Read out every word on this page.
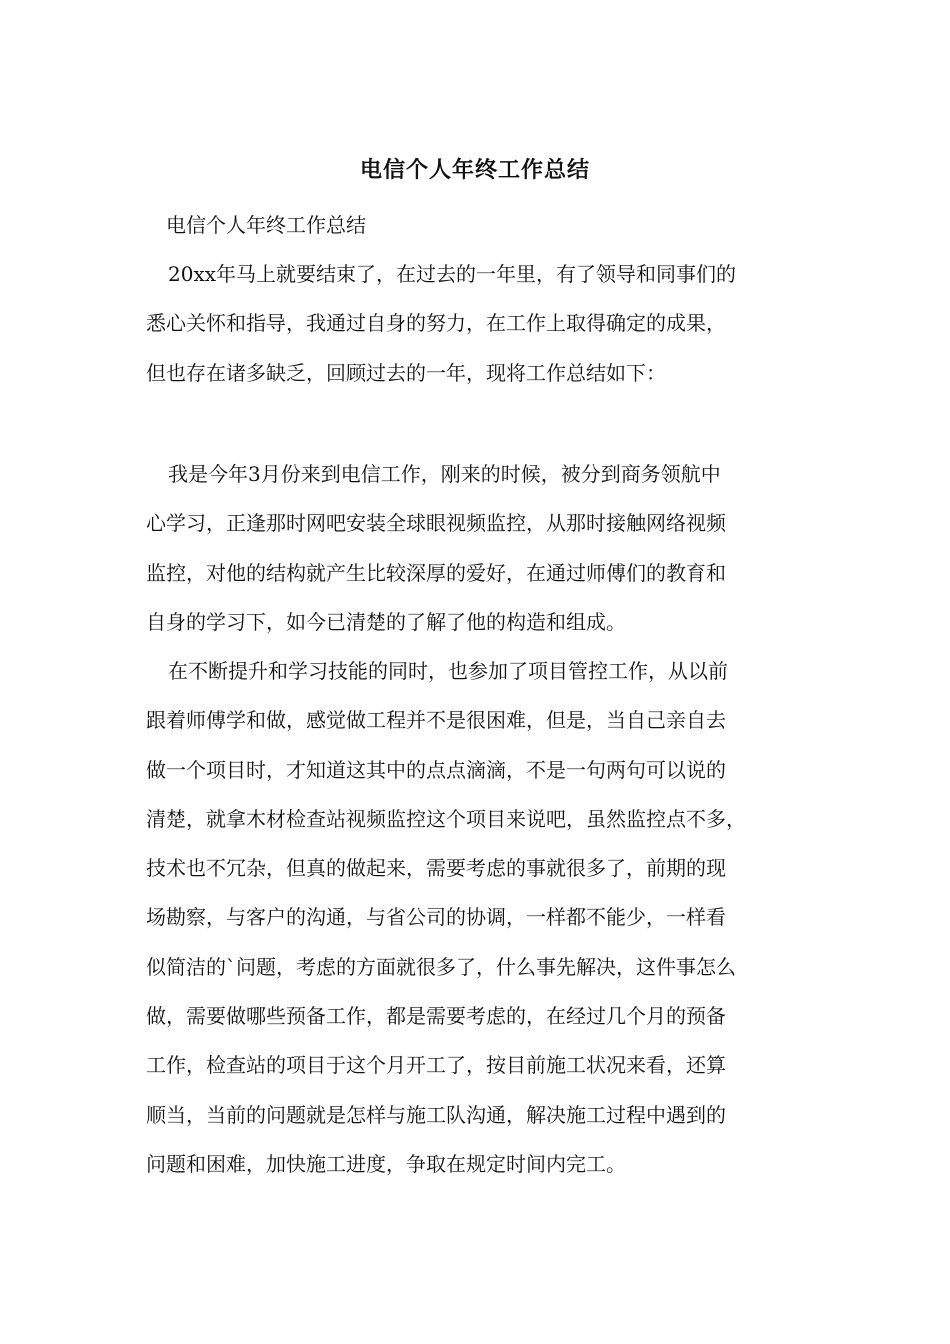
电信个人年终工作总结
电信个人年终工作总结
20xx年马上就要结束了，在过去的一年里，有了领导和同事们的
悉心关怀和指导，我通过自身的努力，在工作上取得确定的成果，
但也存在诸多缺乏，回顾过去的一年，现将工作总结如下：
我是今年3月份来到电信工作，刚来的时候，被分到商务领航中
心学习，正逢那时网吧安装全球眼视频监控，从那时接触网络视频
监控，对他的结构就产生比较深厚的爱好，在通过师傅们的教育和
自身的学习下，如今已清楚的了解了他的构造和组成。
在不断提升和学习技能的同时，也参加了项目管控工作，从以前
跟着师傅学和做，感觉做工程并不是很困难，但是，当自己亲自去
做一个项目时，才知道这其中的点点滴滴，不是一句两句可以说的
清楚，就拿木材检查站视频监控这个项目来说吧，虽然监控点不多，
技术也不冗杂，但真的做起来，需要考虑的事就很多了，前期的现
场勘察，与客户的沟通，与省公司的协调，一样都不能少，一样看
似简洁的`问题，考虑的方面就很多了，什么事先解决，这件事怎么
做，需要做哪些预备工作，都是需要考虑的，在经过几个月的预备
工作，检查站的项目于这个月开工了，按目前施工状况来看，还算
顺当，当前的问题就是怎样与施工队沟通，解决施工过程中遇到的
问题和困难，加快施工进度，争取在规定时间内完工。
